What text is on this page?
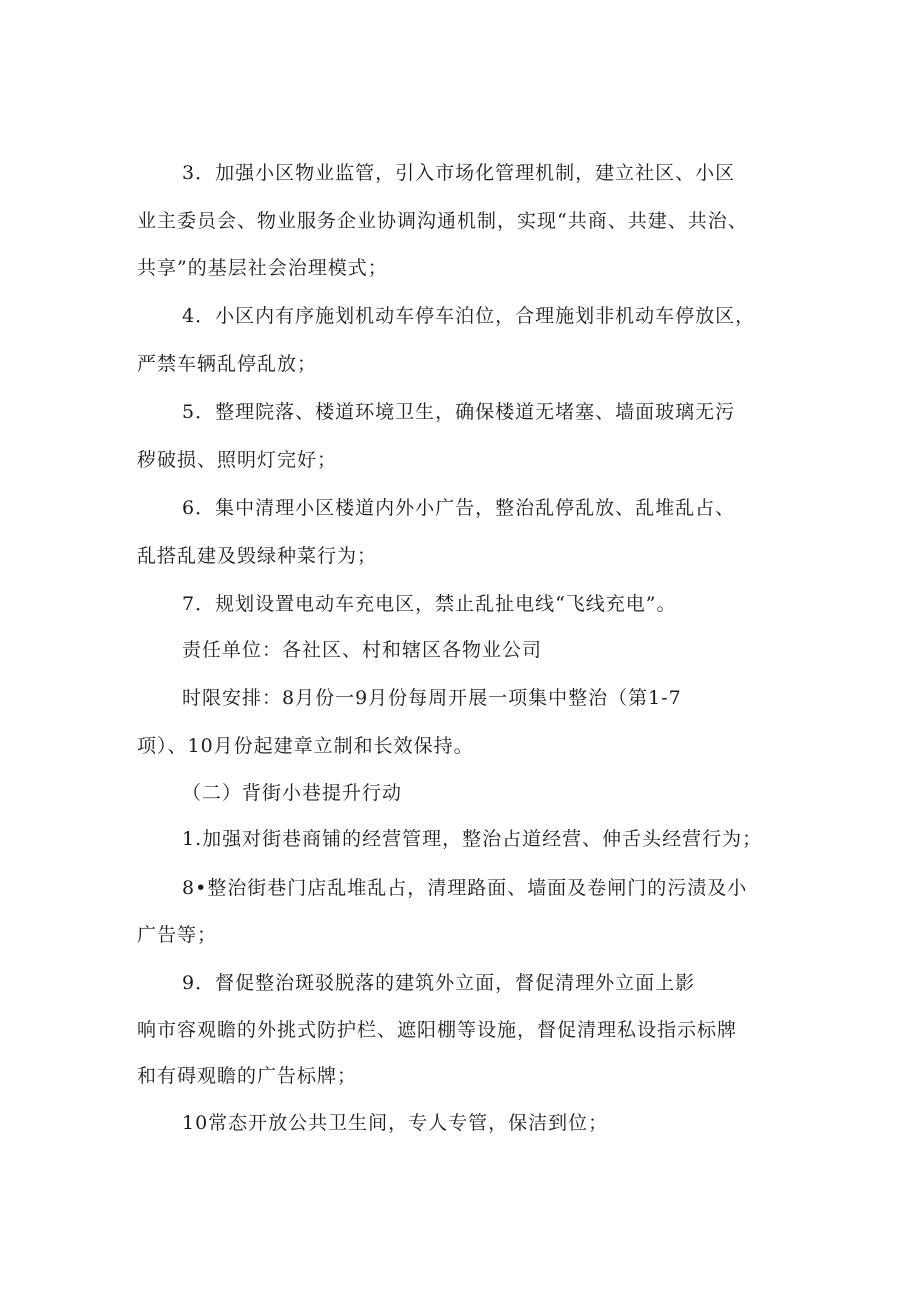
3．加强小区物业监管，引入市场化管理机制，建立社区、小区
业主委员会、物业服务企业协调沟通机制，实现“共商、共建、共治、
共享”的基层社会治理模式；
4．小区内有序施划机动车停车泊位，合理施划非机动车停放区，
严禁车辆乱停乱放；
5．整理院落、楼道环境卫生，确保楼道无堵塞、墙面玻璃无污
秽破损、照明灯完好；
6．集中清理小区楼道内外小广告，整治乱停乱放、乱堆乱占、
乱搭乱建及毁绿种菜行为；
7．规划设置电动车充电区，禁止乱扯电线“飞线充电”。
责任单位：各社区、村和辖区各物业公司
时限安排：8月份一9月份每周开展一项集中整治（第1-7
项）、10月份起建章立制和长效保持。
（二）背街小巷提升行动
1.加强对街巷商铺的经营管理，整治占道经营、伸舌头经营行为；
8•整治街巷门店乱堆乱占，清理路面、墙面及卷闸门的污渍及小
广告等；
9．督促整治斑驳脱落的建筑外立面，督促清理外立面上影
响市容观瞻的外挑式防护栏、遮阳棚等设施，督促清理私设指示标牌
和有碍观瞻的广告标牌；
10常态开放公共卫生间，专人专管，保洁到位；
